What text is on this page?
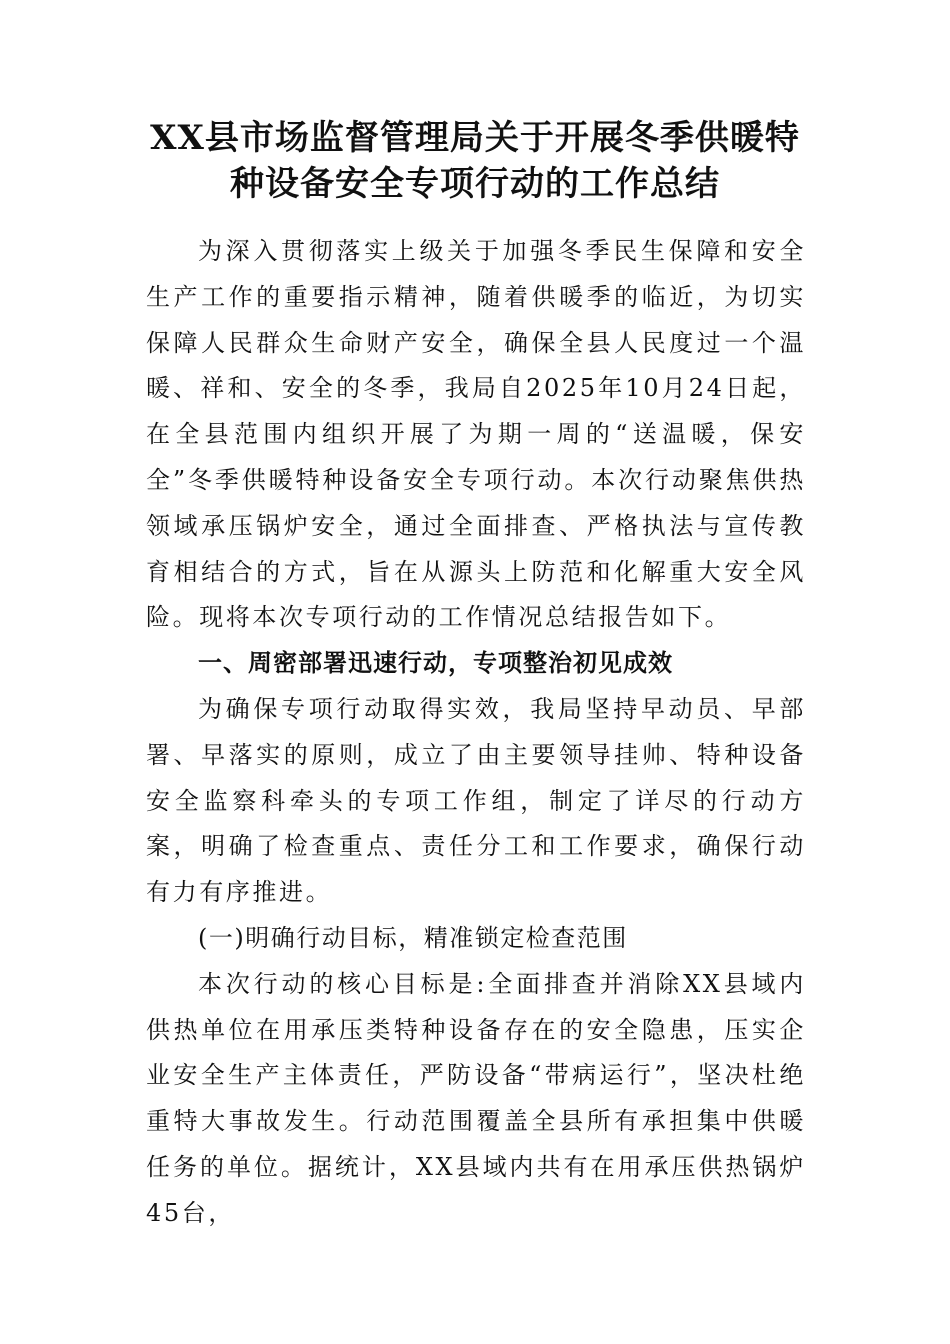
XX县市场监督管理局关于开展冬季供暖特
种设备安全专项行动的工作总结

为深入贯彻落实上级关于加强冬季民生保障和安全生产工作的重要指示精神，随着供暖季的临近，为切实保障人民群众生命财产安全，确保全县人民度过一个温暖、祥和、安全的冬季，我局自2025年10月24日起，在全县范围内组织开展了为期一周的“送温暖，保安全”冬季供暖特种设备安全专项行动。本次行动聚焦供热领域承压锅炉安全，通过全面排查、严格执法与宣传教育相结合的方式，旨在从源头上防范和化解重大安全风险。现将本次专项行动的工作情况总结报告如下。

一、周密部署迅速行动，专项整治初见成效

为确保专项行动取得实效，我局坚持早动员、早部署、早落实的原则，成立了由主要领导挂帅、特种设备安全监察科牵头的专项工作组，制定了详尽的行动方案，明确了检查重点、责任分工和工作要求，确保行动有力有序推进。

(一)明确行动目标，精准锁定检查范围

本次行动的核心目标是:全面排查并消除XX县域内供热单位在用承压类特种设备存在的安全隐患，压实企业安全生产主体责任，严防设备“带病运行”，坚决杜绝重特大事故发生。行动范围覆盖全县所有承担集中供暖任务的单位。据统计，XX县域内共有在用承压供热锅炉45台，
